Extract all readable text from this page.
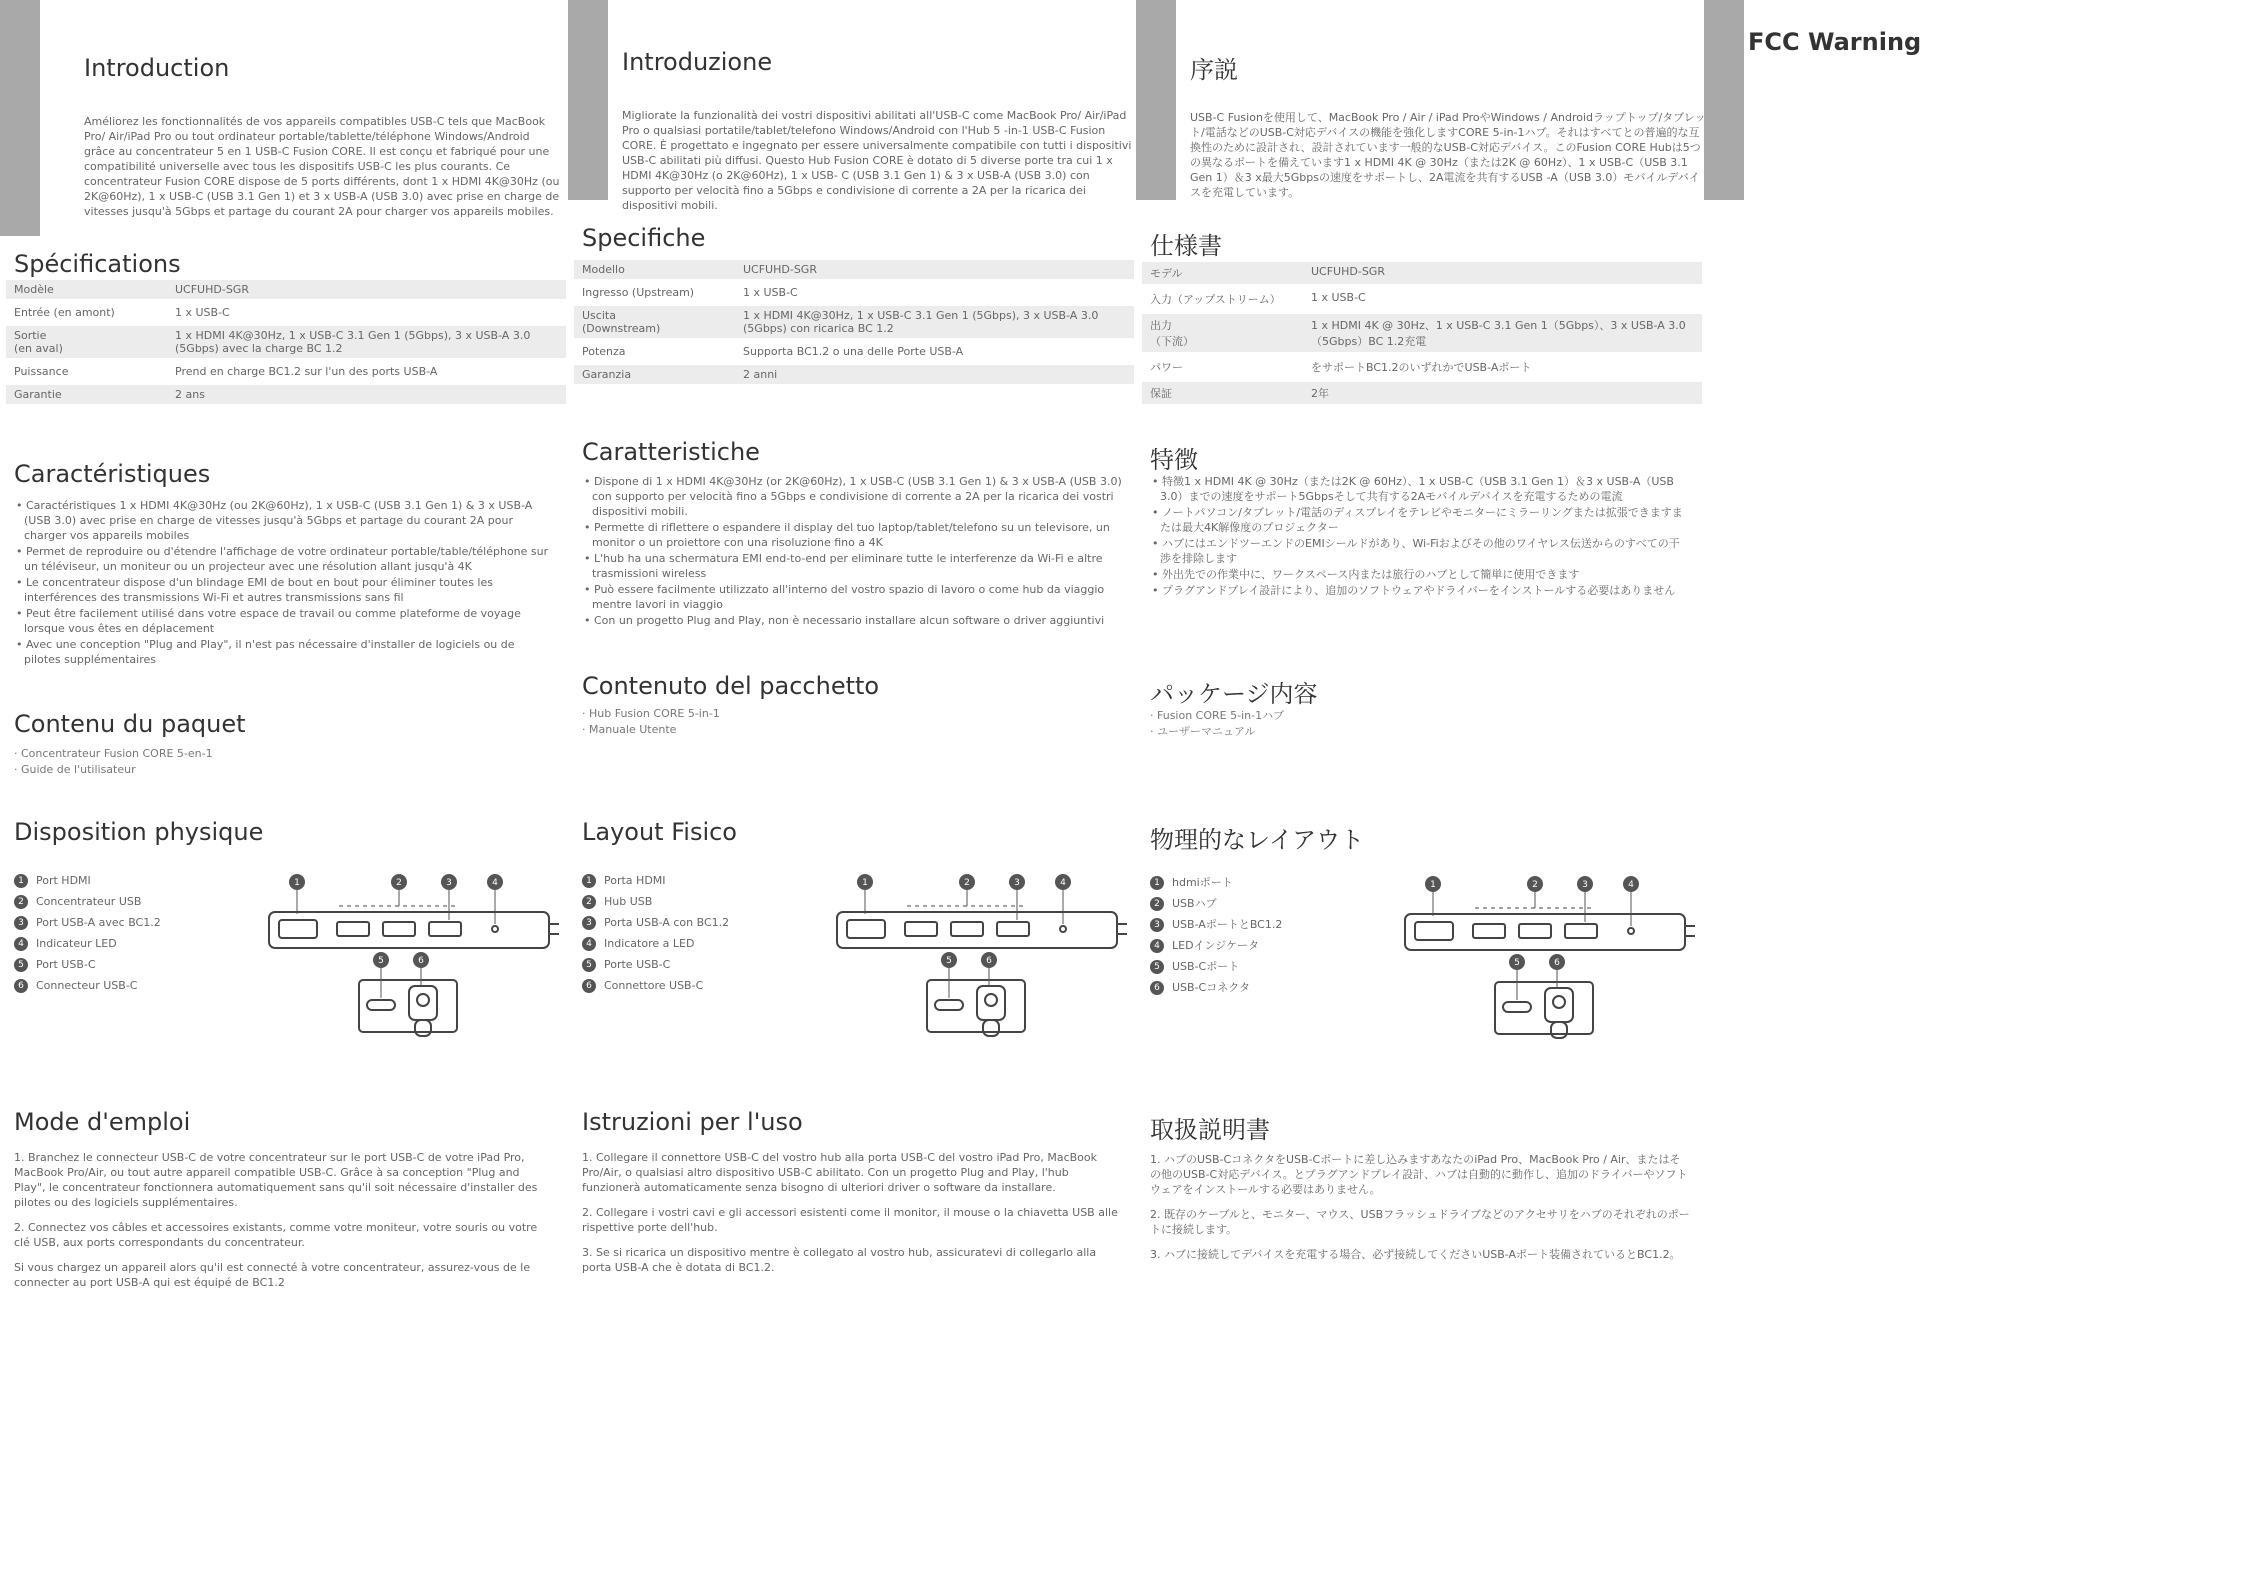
FCC Warning
Introduction

Améliorez les fonctionnalités de vos appareils compatibles USB-C tels que MacBook Pro/ Air/iPad Pro ou tout ordinateur portable/tablette/téléphone Windows/Android grâce au concentrateur 5 en 1 USB-C Fusion CORE. Il est conçu et fabriqué pour une compatibilité universelle avec tous les dispositifs USB-C les plus courants. Ce concentrateur Fusion CORE dispose de 5 ports différents, dont 1 x HDMI 4K@30Hz (ou 2K@60Hz), 1 x USB-C (USB 3.1 Gen 1) et 3 x USB-A (USB 3.0) avec prise en charge de vitesses jusqu'à 5Gbps et partage du courant 2A pour charger vos appareils mobiles.

Spécifications
Modèle	UCFUHD-SGR
Entrée (en amont)	1 x USB-C
Sortie
(en aval)	1 x HDMI 4K@30Hz, 1 x USB-C 3.1 Gen 1 (5Gbps), 3 x USB-A 3.0 (5Gbps) avec la charge BC 1.2
Puissance	Prend en charge BC1.2 sur l'un des ports USB-A
Garantie	2 ans
Caractéristiques
• Caractéristiques 1 x HDMI 4K@30Hz (ou 2K@60Hz), 1 x USB-C (USB 3.1 Gen 1) & 3 x USB-A (USB 3.0) avec prise en charge de vitesses jusqu'à 5Gbps et partage du courant 2A pour charger vos appareils mobiles
• Permet de reproduire ou d'étendre l'affichage de votre ordinateur portable/table/téléphone sur un téléviseur, un moniteur ou un projecteur avec une résolution allant jusqu'à 4K
• Le concentrateur dispose d'un blindage EMI de bout en bout pour éliminer toutes les interférences des transmissions Wi-Fi et autres transmissions sans fil
• Peut être facilement utilisé dans votre espace de travail ou comme plateforme de voyage lorsque vous êtes en déplacement
• Avec une conception "Plug and Play", il n'est pas nécessaire d'installer de logiciels ou de pilotes supplémentaires
Contenu du paquet
· Concentrateur Fusion CORE 5-en-1
· Guide de l'utilisateur
Disposition physique
1	Port HDMI
2	Concentrateur USB
3	Port USB-A avec BC1.2
4	Indicateur LED
5	Port USB-C
6	Connecteur USB-C
1	2	3	4
5	6
Mode d'emploi
1. Branchez le connecteur USB-C de votre concentrateur sur le port USB-C de votre iPad Pro, MacBook Pro/Air, ou tout autre appareil compatible USB-C. Grâce à sa conception "Plug and Play", le concentrateur fonctionnera automatiquement sans qu'il soit nécessaire d'installer des pilotes ou des logiciels supplémentaires.
2. Connectez vos câbles et accessoires existants, comme votre moniteur, votre souris ou votre clé USB, aux ports correspondants du concentrateur.
Si vous chargez un appareil alors qu'il est connecté à votre concentrateur, assurez-vous de le connecter au port USB-A qui est équipé de BC1.2
Introduzione

Migliorate la funzionalità dei vostri dispositivi abilitati all'USB-C come MacBook Pro/ Air/iPad Pro o qualsiasi portatile/tablet/telefono Windows/Android con l'Hub 5 -in-1 USB-C Fusion CORE. È progettato e ingegnato per essere universalmente compatibile con tutti i dispositivi USB-C abilitati più diffusi. Questo Hub Fusion CORE è dotato di 5 diverse porte tra cui 1 x HDMI 4K@30Hz (o 2K@60Hz), 1 x USB- C (USB 3.1 Gen 1) & 3 x USB-A (USB 3.0) con supporto per velocità fino a 5Gbps e condivisione di corrente a 2A per la ricarica dei dispositivi mobili.

Specifiche
Modello	UCFUHD-SGR
Ingresso (Upstream)	1 x USB-C
Uscita
(Downstream)	1 x HDMI 4K@30Hz, 1 x USB-C 3.1 Gen 1 (5Gbps), 3 x USB-A 3.0 (5Gbps) con ricarica BC 1.2
Potenza	Supporta BC1.2 o una delle Porte USB-A
Garanzia	2 anni
Caratteristiche
• Dispone di 1 x HDMI 4K@30Hz (or 2K@60Hz), 1 x USB-C (USB 3.1 Gen 1) & 3 x USB-A (USB 3.0) con supporto per velocità fino a 5Gbps e condivisione di corrente a 2A per la ricarica dei vostri dispositivi mobili.
• Permette di riflettere o espandere il display del tuo laptop/tablet/telefono su un televisore, un monitor o un proiettore con una risoluzione fino a 4K
• L'hub ha una schermatura EMI end-to-end per eliminare tutte le interferenze da Wi-Fi e altre trasmissioni wireless
• Può essere facilmente utilizzato all'interno del vostro spazio di lavoro o come hub da viaggio mentre lavori in viaggio
• Con un progetto Plug and Play, non è necessario installare alcun software o driver aggiuntivi
Contenuto del pacchetto
· Hub Fusion CORE 5-in-1
· Manuale Utente
Layout Fisico
1	Porta HDMI
2	Hub USB
3	Porta USB-A con BC1.2
4	Indicatore a LED
5	Porte USB-C
6	Connettore USB-C
1	2	3	4
5	6
Istruzioni per l'uso
1. Collegare il connettore USB-C del vostro hub alla porta USB-C del vostro iPad Pro, MacBook Pro/Air, o qualsiasi altro dispositivo USB-C abilitato. Con un progetto Plug and Play, l'hub funzionerà automaticamente senza bisogno di ulteriori driver o software da installare.
2. Collegare i vostri cavi e gli accessori esistenti come il monitor, il mouse o la chiavetta USB alle rispettive porte dell'hub.
3. Se si ricarica un dispositivo mentre è collegato al vostro hub, assicuratevi di collegarlo alla porta USB-A che è dotata di BC1.2.
序説

USB-C Fusionを使用して、MacBook Pro / Air / iPad ProやWindows / Androidラップトップ/タブレット/電話などのUSB-C対応デバイスの機能を強化しますCORE 5-in-1ハブ。それはすべてとの普遍的な互換性のために設計され、設計されています一般的なUSB-C対応デバイス。このFusion CORE Hubは5つの異なるポートを備えています1 x HDMI 4K @ 30Hz（または2K @ 60Hz）、1 x USB-C（USB 3.1 Gen 1）＆3 x最大5Gbpsの速度をサポートし、2A電流を共有するUSB -A（USB 3.0）モバイルデバイスを充電しています。

仕様書
モデル	UCFUHD-SGR
入力（アップストリーム）	1 x USB-C
出力
（下流）	1 x HDMI 4K @ 30Hz、1 x USB-C 3.1 Gen 1（5Gbps）、3 x USB-A 3.0（5Gbps）BC 1.2充電
パワー	をサポートBC1.2のいずれかでUSB-Aポート
保証	2年
特徴
• 特徴1 x HDMI 4K @ 30Hz（または2K @ 60Hz）、1 x USB-C（USB 3.1 Gen 1）＆3 x USB-A（USB 3.0）までの速度をサポート5Gbpsそして共有する2Aモバイルデバイスを充電するための電流
• ノートパソコン/タブレット/電話のディスプレイをテレビやモニターにミラーリングまたは拡張できますまたは最大4K解像度のプロジェクター
• ハブにはエンドツーエンドのEMIシールドがあり、Wi-Fiおよびその他のワイヤレス伝送からのすべての干渉を排除します
• 外出先での作業中に、ワークスペース内または旅行のハブとして簡単に使用できます
• プラグアンドプレイ設計により、追加のソフトウェアやドライバーをインストールする必要はありません
パッケージ内容
· Fusion CORE 5-in-1ハブ
· ユーザーマニュアル
物理的なレイアウト
1	hdmiポート
2	USBハブ
3	USB-AポートとBC1.2
4	LEDインジケータ
5	USB-Cポート
6	USB-Cコネクタ
1	2	3	4
5	6
取扱説明書
1. ハブのUSB-CコネクタをUSB-Cポートに差し込みますあなたのiPad Pro、MacBook Pro / Air、またはその他のUSB-C対応デバイス。とプラグアンドプレイ設計、ハブは自動的に動作し、追加のドライバーやソフトウェアをインストールする必要はありません。
2. 既存のケーブルと、モニター、マウス、USBフラッシュドライブなどのアクセサリをハブのそれぞれのポートに接続します。
3. ハブに接続してデバイスを充電する場合、必ず接続してくださいUSB-Aポート装備されているとBC1.2。
